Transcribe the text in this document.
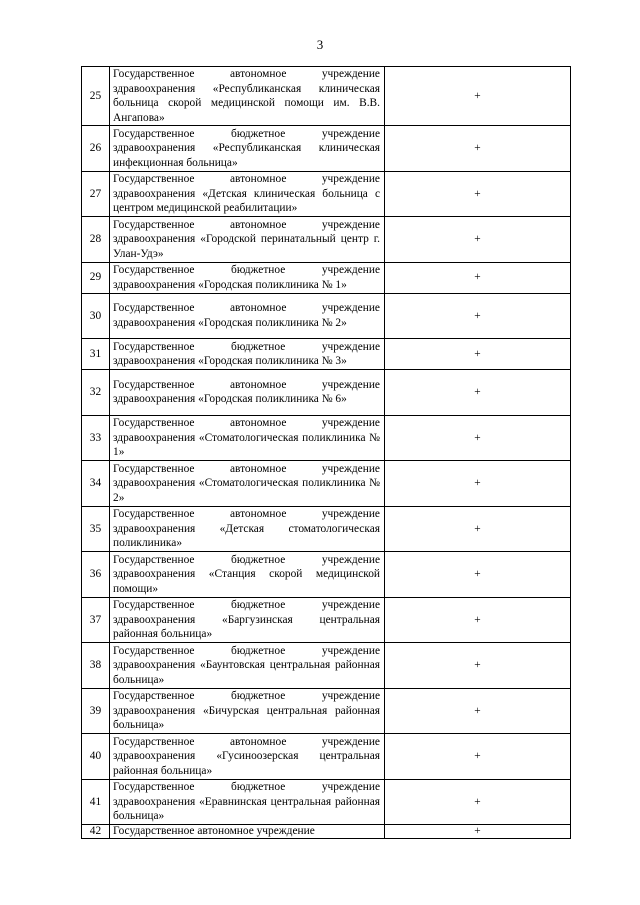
3
25	Государственное автономное учреждение здравоохранения «Республиканская клиническая больница скорой медицинской помощи им. В.В. Ангапова»	+
26	Государственное бюджетное учреждение здравоохранения «Республиканская клиническая инфекционная больница»	+
27	Государственное автономное учреждение здравоохранения «Детская клиническая больница с центром медицинской реабилитации»	+
28	Государственное автономное учреждение здравоохранения «Городской перинатальный центр г. Улан-Удэ»	+
29	Государственное бюджетное учреждение здравоохранения «Городская поликлиника № 1»	+
30	Государственное автономное учреждение здравоохранения «Городская поликлиника № 2»	+
31	Государственное бюджетное учреждение здравоохранения «Городская поликлиника № 3»	+
32	Государственное автономное учреждение здравоохранения «Городская поликлиника № 6»	+
33	Государственное автономное учреждение здравоохранения «Стоматологическая поликлиника № 1»	+
34	Государственное автономное учреждение здравоохранения «Стоматологическая поликлиника № 2»	+
35	Государственное автономное учреждение здравоохранения «Детская стоматологическая поликлиника»	+
36	Государственное бюджетное учреждение здравоохранения «Станция скорой медицинской помощи»	+
37	Государственное бюджетное учреждение здравоохранения «Баргузинская центральная районная больница»	+
38	Государственное бюджетное учреждение здравоохранения «Баунтовская центральная районная больница»	+
39	Государственное бюджетное учреждение здравоохранения «Бичурская центральная районная больница»	+
40	Государственное автономное учреждение здравоохранения «Гусиноозерская центральная районная больница»	+
41	Государственное бюджетное учреждение здравоохранения «Еравнинская центральная районная больница»	+
42	Государственное автономное учреждение	+
